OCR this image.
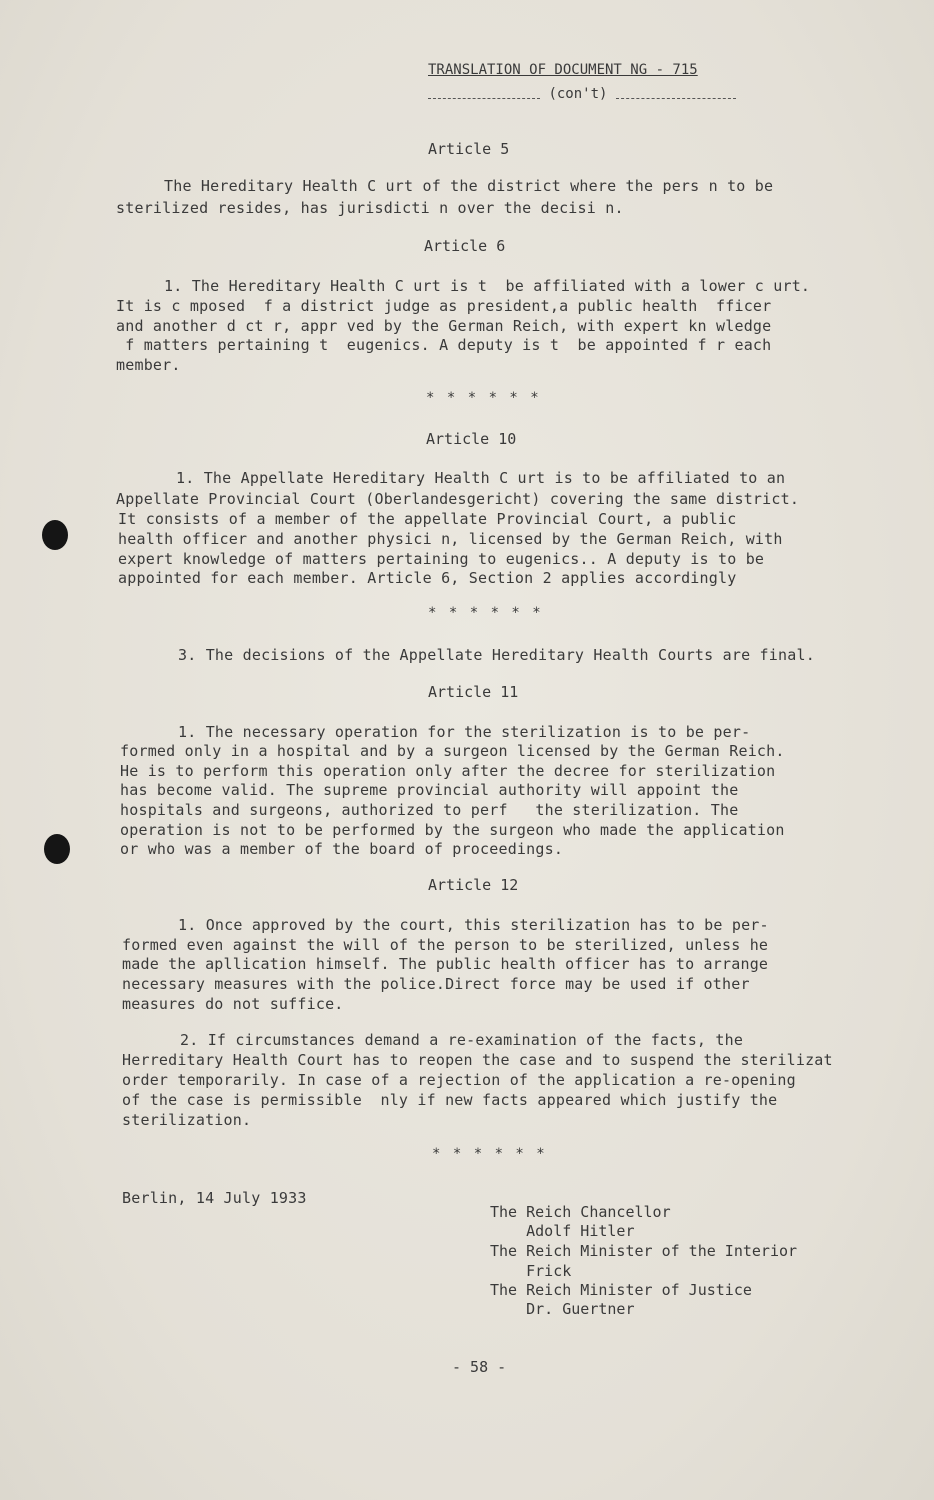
TRANSLATION OF DOCUMENT NG - 715
(con't)
Article 5
The Hereditary Health C urt of the district where the pers n to be
sterilized resides, has jurisdicti n over the decisi n.
Article 6
1. The Hereditary Health C urt is t  be affiliated with a lower c urt.
It is c mposed  f a district judge as president,a public health  fficer
and another d ct r, appr ved by the German Reich, with expert kn wledge
f matters pertaining t  eugenics. A deputy is t  be appointed f r each
member.
* * * * * *
Article 10
1. The Appellate Hereditary Health C urt is to be affiliated to an
Appellate Provincial Court (Oberlandesgericht) covering the same district.
It consists of a member of the appellate Provincial Court, a public
health officer and another physici n, licensed by the German Reich, with
expert knowledge of matters pertaining to eugenics.. A deputy is to be
appointed for each member. Article 6, Section 2 applies accordingly
* * * * * *
3. The decisions of the Appellate Hereditary Health Courts are final.
Article 11
1. The necessary operation for the sterilization is to be per-
formed only in a hospital and by a surgeon licensed by the German Reich.
He is to perform this operation only after the decree for sterilization
has become valid. The supreme provincial authority will appoint the
hospitals and surgeons, authorized to perf   the sterilization. The
operation is not to be performed by the surgeon who made the application
or who was a member of the board of proceedings.
Article 12
1. Once approved by the court, this sterilization has to be per-
formed even against the will of the person to be sterilized, unless he
made the apllication himself. The public health officer has to arrange
necessary measures with the police.Direct force may be used if other
measures do not suffice.
2. If circumstances demand a re-examination of the facts, the
Herreditary Health Court has to reopen the case and to suspend the sterilizat
order temporarily. In case of a rejection of the application a re-opening
of the case is permissible  nly if new facts appeared which justify the
sterilization.
* * * * * *
Berlin, 14 July 1933
The Reich Chancellor
Adolf Hitler
The Reich Minister of the Interior
Frick
The Reich Minister of Justice
Dr. Guertner
- 58 -
